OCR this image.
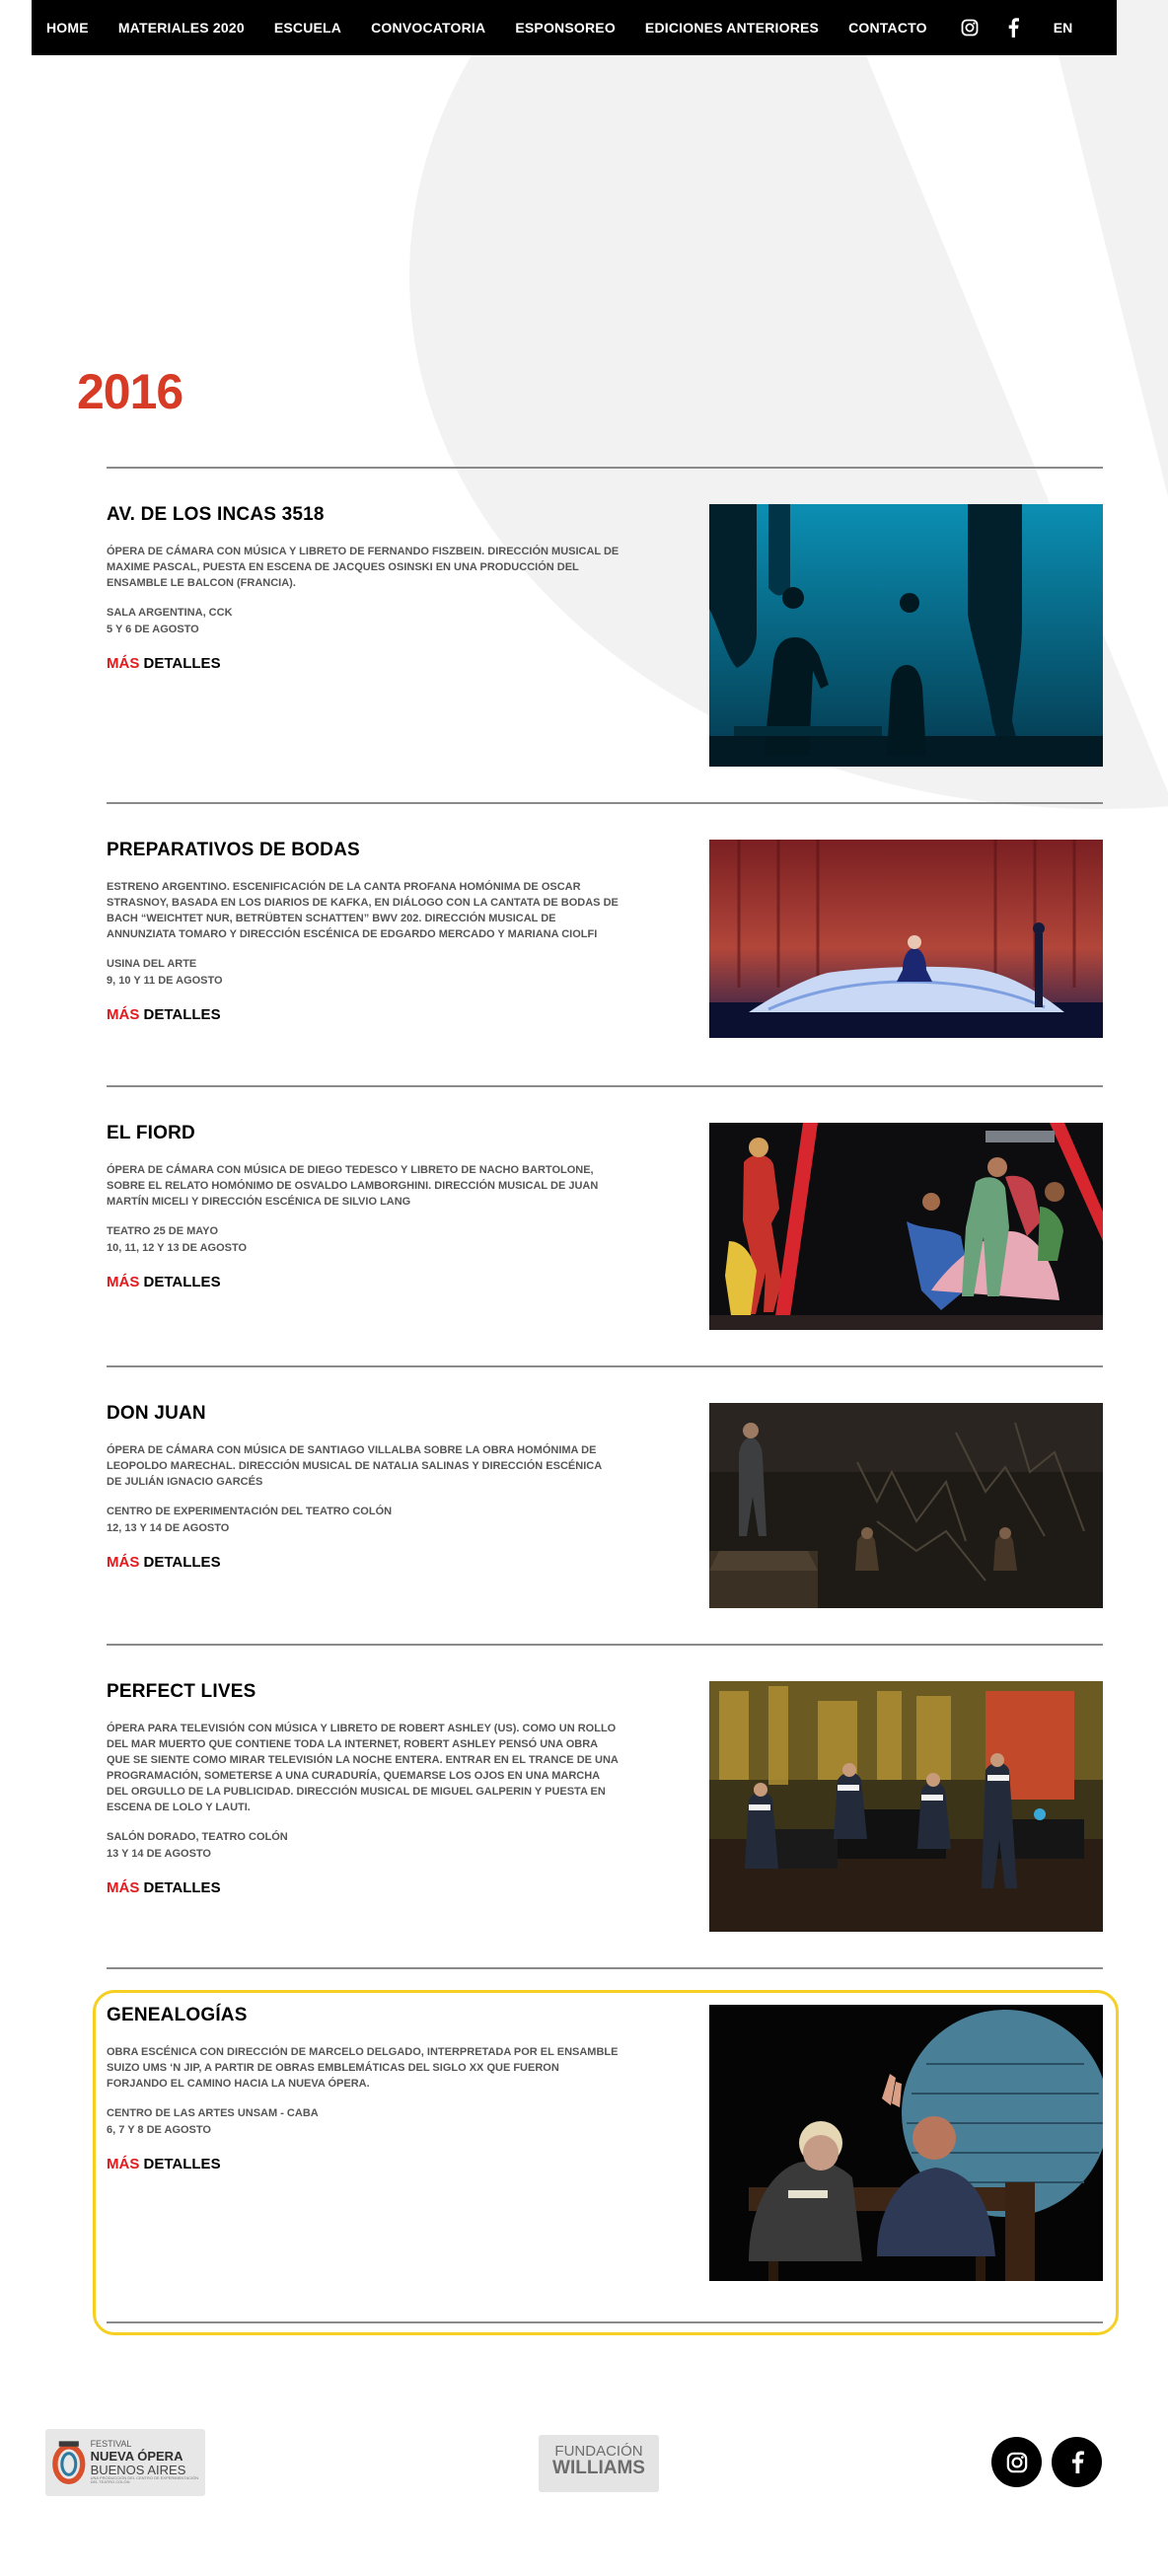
HOME MATERIALES 2020 ESCUELA CONVOCATORIA ESPONSOREO EDICIONES ANTERIORES CONTACTO	EN
2016
AV. DE LOS INCAS 3518
ÓPERA DE CÁMARA CON MÚSICA Y LIBRETO DE FERNANDO FISZBEIN. DIRECCIÓN MUSICAL DE MAXIME PASCAL, PUESTA EN ESCENA DE JACQUES OSINSKI EN UNA PRODUCCIÓN DEL ENSAMBLE LE BALCON (FRANCIA).
SALA ARGENTINA, CCK
5 Y 6 DE AGOSTO
MÁS DETALLES
PREPARATIVOS DE BODAS
ESTRENO ARGENTINO. ESCENIFICACIÓN DE LA CANTA PROFANA HOMÓNIMA DE OSCAR STRASNOY, BASADA EN LOS DIARIOS DE KAFKA, EN DIÁLOGO CON LA CANTATA DE BODAS DE BACH “WEICHTET NUR, BETRÜBTEN SCHATTEN” BWV 202. DIRECCIÓN MUSICAL DE ANNUNZIATA TOMARO Y DIRECCIÓN ESCÉNICA DE EDGARDO MERCADO Y MARIANA CIOLFI
USINA DEL ARTE
9, 10 Y 11 DE AGOSTO
MÁS DETALLES
EL FIORD
ÓPERA DE CÁMARA CON MÚSICA DE DIEGO TEDESCO Y LIBRETO DE NACHO BARTOLONE, SOBRE EL RELATO HOMÓNIMO DE OSVALDO LAMBORGHINI. DIRECCIÓN MUSICAL DE JUAN MARTÍN MICELI Y DIRECCIÓN ESCÉNICA DE SILVIO LANG
TEATRO 25 DE MAYO
10, 11, 12 Y 13 DE AGOSTO
MÁS DETALLES
DON JUAN
ÓPERA DE CÁMARA CON MÚSICA DE SANTIAGO VILLALBA SOBRE LA OBRA HOMÓNIMA DE LEOPOLDO MARECHAL. DIRECCIÓN MUSICAL DE NATALIA SALINAS Y DIRECCIÓN ESCÉNICA DE JULIÁN IGNACIO GARCÉS
CENTRO DE EXPERIMENTACIÓN DEL TEATRO COLÓN
12, 13 Y 14 DE AGOSTO
MÁS DETALLES
PERFECT LIVES
ÓPERA PARA TELEVISIÓN CON MÚSICA Y LIBRETO DE ROBERT ASHLEY (US). COMO UN ROLLO DEL MAR MUERTO QUE CONTIENE TODA LA INTERNET, ROBERT ASHLEY PENSÓ UNA OBRA QUE SE SIENTE COMO MIRAR TELEVISIÓN LA NOCHE ENTERA. ENTRAR EN EL TRANCE DE UNA PROGRAMACIÓN, SOMETERSE A UNA CURADURÍA, QUEMARSE LOS OJOS EN UNA MARCHA DEL ORGULLO DE LA PUBLICIDAD. DIRECCIÓN MUSICAL DE MIGUEL GALPERIN Y PUESTA EN ESCENA DE LOLO Y LAUTI.
SALÓN DORADO, TEATRO COLÓN
13 Y 14 DE AGOSTO
MÁS DETALLES
GENEALOGÍAS
OBRA ESCÉNICA CON DIRECCIÓN DE MARCELO DELGADO, INTERPRETADA POR EL ENSAMBLE SUIZO UMS ‘N JIP, A PARTIR DE OBRAS EMBLEMÁTICAS DEL SIGLO XX QUE FUERON FORJANDO EL CAMINO HACIA LA NUEVA ÓPERA.
CENTRO DE LAS ARTES UNSAM - CABA
6, 7 Y 8 DE AGOSTO
MÁS DETALLES
FESTIVAL
NUEVA ÓPERA
BUENOS AIRES
UNA PRODUCCIÓN DEL CENTRO DE EXPERIMENTACIÓN DEL TEATRO COLÓN
FUNDACIÓN
WILLIAMS
